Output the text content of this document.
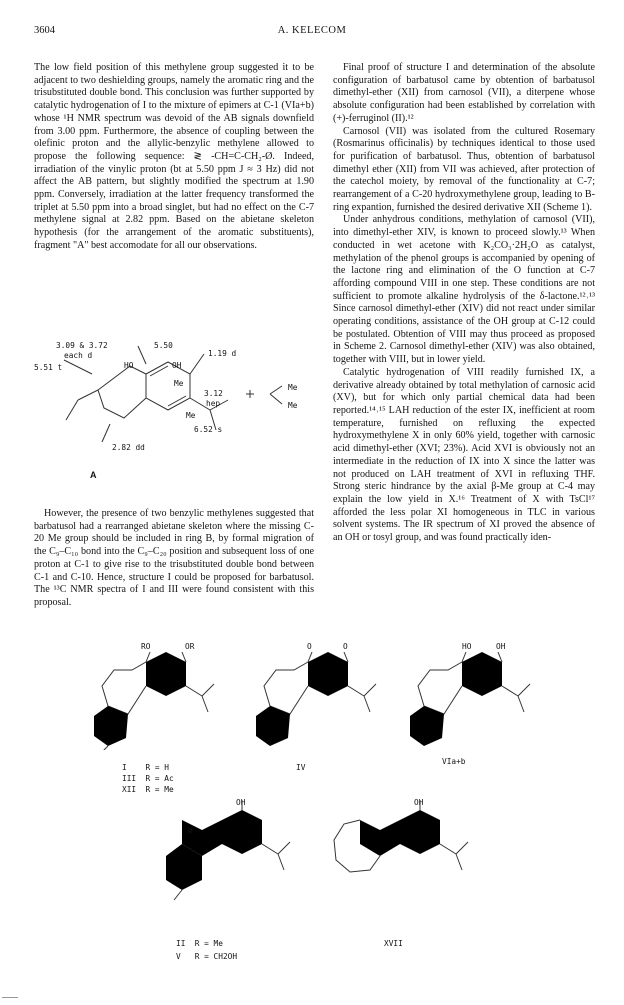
3604	A. KELECOM

The low field position of this methylene group suggested it to be adjacent to two deshielding groups, namely the aromatic ring and the trisubstituted double bond. This conclusion was further supported by catalytic hydrogenation of I to the mixture of epimers at C-1 (VIa+b) whose ¹H NMR spectrum was devoid of the AB signals downfield from 3.00 ppm. Furthermore, the absence of coupling between the olefinic proton and the allylic-benzylic methylene allowed to propose the following sequence: ≷ -CH=C-CH₂-Ø. Indeed, irradiation of the vinylic proton (bt at 5.50 ppm J ≈ 3 Hz) did not affect the AB pattern, but slightly modified the spectrum at 1.90 ppm. Conversely, irradiation at the latter frequency transformed the triplet at 5.50 ppm into a broad singlet, but had no effect on the C-7 methylene signal at 2.82 ppm. Based on the abietane skeleton hypothesis (for the arrangement of the aromatic substituents), fragment "A" best accomodate for all our observations.

3.09 & 3.72
each d
5.50
1.19 d
5.51 t	HO	OH
Me
3.12
hep
Me
6.52 s
2.82 dd
Me
Me
A

However, the presence of two benzylic methylenes suggested that barbatusol had a rearranged abietane skeleton where the missing C-20 Me group should be included in ring B, by formal migration of the C₉–C₁₀ bond into the C₉–C₂₀ position and subsequent loss of one proton at C-1 to give rise to the trisubstituted double bond between C-1 and C-10. Hence, structure I could be proposed for barbatusol. The ¹³C NMR spectra of I and III were found consistent with this proposal.

Final proof of structure I and determination of the absolute configuration of barbatusol came by obtention of barbatusol dimethyl-ether (XII) from carnosol (VII), a diterpene whose absolute configuration had been established by correlation with (+)-ferruginol (II).¹²

Carnosol (VII) was isolated from the cultured Rosemary (Rosmarinus officinalis) by techniques identical to those used for purification of barbatusol. Thus, obtention of barbatusol dimethyl ether (XII) from VII was achieved, after protection of the catechol moiety, by removal of the functionality at C-7; rearrangement of a C-20 hydroxymethylene group, leading to B-ring expantion, furnished the desired derivative XII (Scheme 1).

Under anhydrous conditions, methylation of carnosol (VII), into dimethyl-ether XIV, is known to proceed slowly.¹³ When conducted in wet acetone with K₂CO₃·2H₂O as catalyst, methylation of the phenol groups is accompanied by opening of the lactone ring and elimination of the O function at C-7 affording compound VIII in one step. These conditions are not sufficient to promote alkaline hydrolysis of the δ-lactone.¹²˒¹³ Since carnosol dimethyl-ether (XIV) did not react under similar operating conditions, assistance of the OH group at C-12 could be postulated. Obtention of VIII may thus proceed as proposed in Scheme 2. Carnosol dimethyl-ether (XIV) was also obtained, together with VIII, but in lower yield.

Catalytic hydrogenation of VIII readily furnished IX, a derivative already obtained by total methylation of carnosic acid (XV), but for which only partial chemical data had been reported.¹⁴˒¹⁵ LAH reduction of the ester IX, inefficient at room temperature, furnished on refluxing the expected hydroxymethylene X in only 60% yield, together with carnosic acid dimethyl-ether (XVI; 23%). Acid XVI is obviously not an intermediate in the reduction of IX into X since the latter was not produced on LAH treatment of XVI in refluxing THF. Strong steric hindrance by the axial β-Me group at C-4 may explain the low yield in X.¹⁶ Treatment of X with TsCl¹⁷ afforded the less polar XI homogeneous in TLC in various solvent systems. The IR spectrum of XI proved the absence of an OH or tosyl group, and was found practically iden-

RO	OR
I    R = H
III  R = Ac
XII  R = Me
O	O
IV
HO	OH
VIa+b
OH
R
II  R = Me
V   R = CH2OH
OH
XVII
